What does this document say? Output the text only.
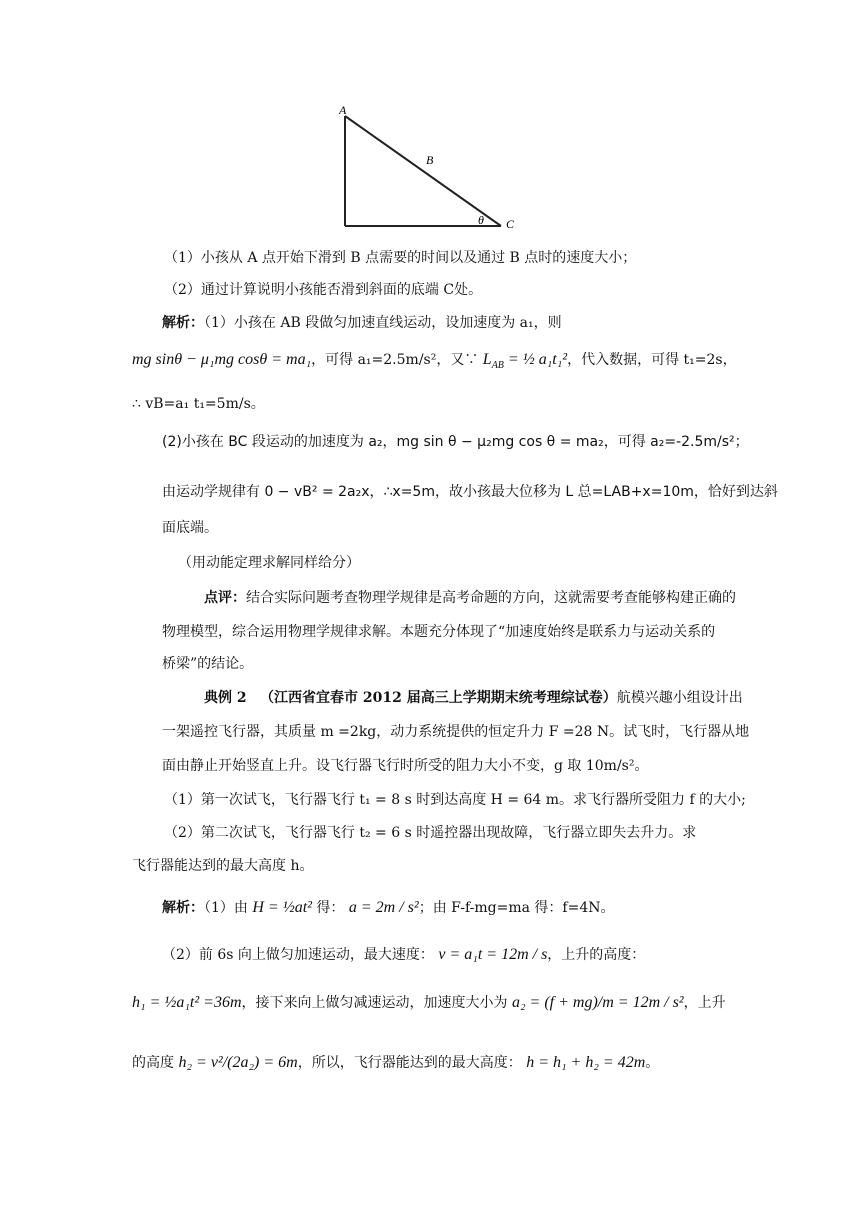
A
B
C
θ
（1）小孩从 A 点开始下滑到 B 点需要的时间以及通过 B 点时的速度大小；
（2）通过计算说明小孩能否滑到斜面的底端 C处。
解析：（1）小孩在 AB 段做匀加速直线运动，设加速度为 a₁，则
mg sinθ − μ₁mg cosθ = ma₁，可得 a₁=2.5m/s²，又∵ $L_{AB}$ = ½ a₁t₁²，代入数据，可得 t₁=2s，
∴ vB=a₁ t₁=5m/s。
(2)小孩在 BC 段运动的加速度为 a₂，mg sin θ − μ₂mg cos θ = ma₂，可得 a₂=-2.5m/s²；
由运动学规律有 0 − vB² = 2a₂x，∴x=5m，故小孩最大位移为 L 总=LAB+x=10m，恰好到达斜
面底端。
（用动能定理求解同样给分）
点评：结合实际问题考查物理学规律是高考命题的方向，这就需要考查能够构建正确的
物理模型，综合运用物理学规律求解。本题充分体现了“加速度始终是联系力与运动关系的
桥梁”的结论。
典例 2 （江西省宜春市 2012 届高三上学期期末统考理综试卷）航模兴趣小组设计出
一架遥控飞行器，其质量 m =2kg，动力系统提供的恒定升力 F =28 N。试飞时，飞行器从地
面由静止开始竖直上升。设飞行器飞行时所受的阻力大小不变，g 取 10m/s²。
（1）第一次试飞，飞行器飞行 t₁ = 8 s 时到达高度 H = 64 m。求飞行器所受阻力 f 的大小;
（2）第二次试飞，飞行器飞行 t₂ = 6 s 时遥控器出现故障，飞行器立即失去升力。求
飞行器能达到的最大高度 h。
解析：（1）由 H = ½at² 得： a = 2m / s²；由 F-f-mg=ma 得：f=4N。
（2）前 6s 向上做匀加速运动，最大速度： v = a₁t = 12m / s，上升的高度：
h₁ = ½a₁t² =36m，接下来向上做匀减速运动，加速度大小为 a₂ = (f + mg)/m = 12m / s²，上升
的高度 h₂ = v²/(2a₂) = 6m，所以，飞行器能达到的最大高度： h = h₁ + h₂ = 42m。
